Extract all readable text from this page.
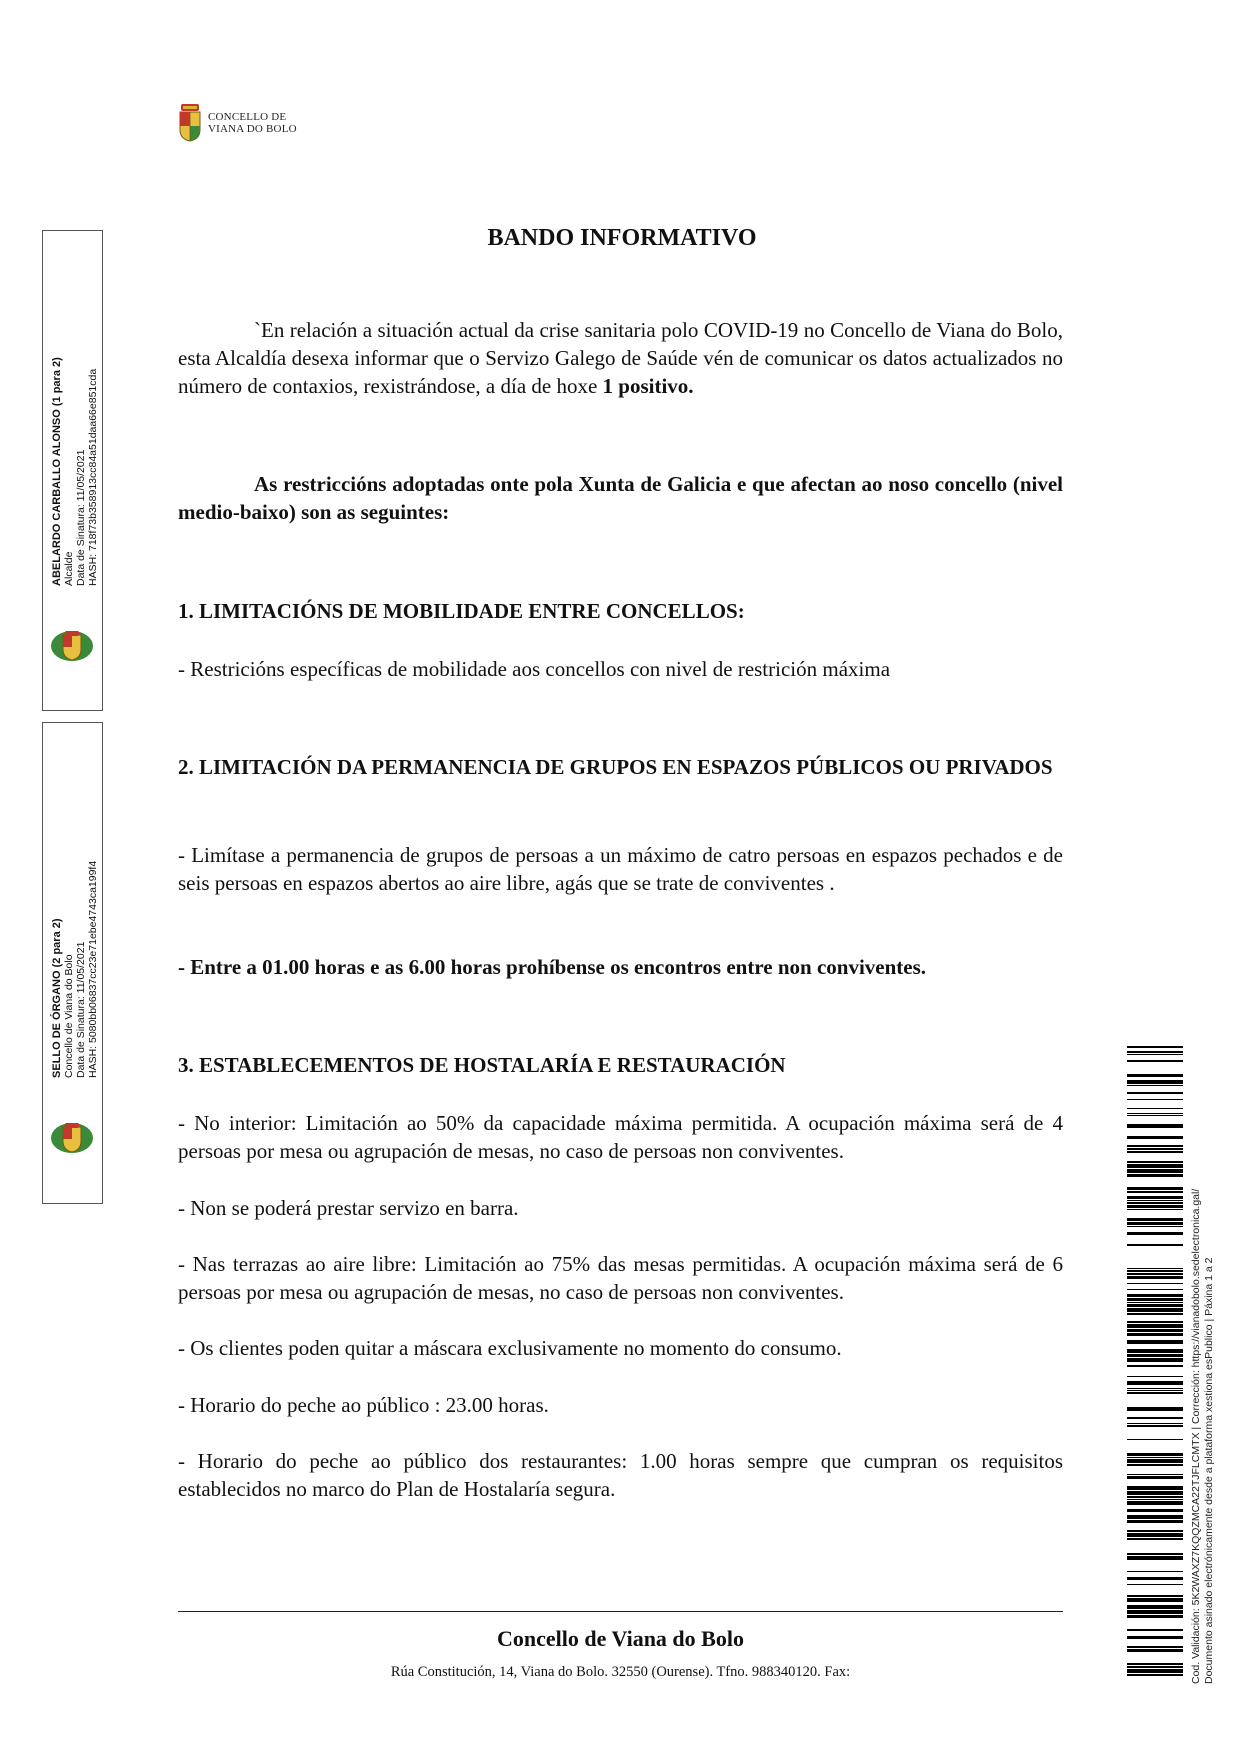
CONCELLO DE
VIANA DO BOLO
ABELARDO CARBALLO ALONSO (1 para 2) Alcalde Data de Sinatura: 11/05/2021 HASH: 718f73b358913cc84a51daa66e851cda
SELLO DE ÓRGANO (2 para 2) Concello de Viana do Bolo Data de Sinatura: 11/05/2021 HASH: 5080bb06837cc23e71ebe4743ca199f4
BANDO INFORMATIVO
`En relación a situación actual da crise sanitaria polo COVID-19 no Concello de Viana do Bolo, esta Alcaldía desexa informar que o Servizo Galego de Saúde vén de comunicar os datos actualizados no número de contaxios, rexistrándose, a día de hoxe 1 positivo.
As restriccións adoptadas onte pola Xunta de Galicia e que afectan ao noso concello (nivel medio-baixo) son as seguintes:
1. LIMITACIÓNS DE MOBILIDADE ENTRE CONCELLOS:
- Restricións específicas de mobilidade aos concellos con nivel de restrición máxima
2. LIMITACIÓN DA PERMANENCIA DE GRUPOS EN ESPAZOS PÚBLICOS OU PRIVADOS
- Limítase a permanencia de grupos de persoas a un máximo de catro persoas en espazos pechados e de seis persoas en espazos abertos ao aire libre, agás que se trate de conviventes .
- Entre a 01.00 horas e as 6.00 horas prohíbense os encontros entre non conviventes.
3. ESTABLECEMENTOS DE HOSTALARÍA E RESTAURACIÓN
- No interior: Limitación ao 50% da capacidade máxima permitida. A ocupación máxima será de 4 persoas por mesa ou agrupación de mesas, no caso de persoas non conviventes.
- Non se poderá prestar servizo en barra.
- Nas terrazas ao aire libre: Limitación ao 75% das mesas permitidas. A ocupación máxima será de 6 persoas por mesa ou agrupación de mesas, no caso de persoas non conviventes.
- Os clientes poden quitar a máscara exclusivamente no momento do consumo.
- Horario do peche ao público : 23.00 horas.
- Horario do peche ao público dos restaurantes: 1.00 horas sempre que cumpran os requisitos establecidos no marco do Plan de Hostalaría segura.
Concello de Viana do Bolo
Rúa Constitución, 14, Viana do Bolo. 32550 (Ourense). Tfno. 988340120. Fax:	Cod. Validación: 5K2WAXZ7KQQZMCA22TJFLCMTX | Corrección: https://vianadobolo.sedelectronica.gal/ Documento asinado electrónicamente desde a plataforma xestiona esPublico | Páxina 1 a 2
